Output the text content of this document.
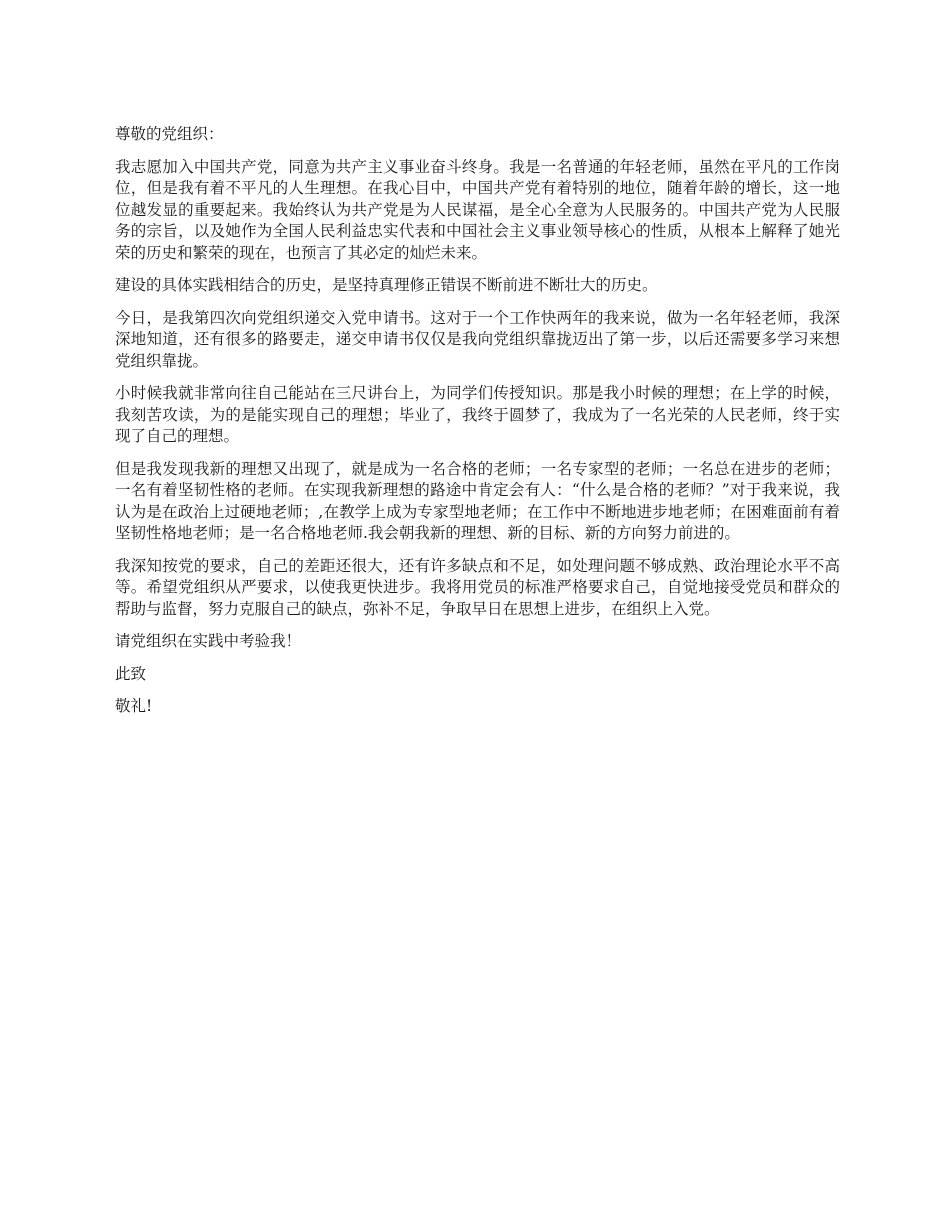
尊敬的党组织：

我志愿加入中国共产党，同意为共产主义事业奋斗终身。我是一名普通的年轻老师，虽然在平凡的工作岗位，但是我有着不平凡的人生理想。在我心目中，中国共产党有着特别的地位，随着年龄的增长，这一地位越发显的重要起来。我始终认为共产党是为人民谋福，是全心全意为人民服务的。中国共产党为人民服务的宗旨，以及她作为全国人民利益忠实代表和中国社会主义事业领导核心的性质，从根本上解释了她光荣的历史和繁荣的现在，也预言了其必定的灿烂未来。

建设的具体实践相结合的历史，是坚持真理修正错误不断前进不断壮大的历史。

今日，是我第四次向党组织递交入党申请书。这对于一个工作快两年的我来说，做为一名年轻老师，我深深地知道，还有很多的路要走，递交申请书仅仅是我向党组织靠拢迈出了第一步，以后还需要多学习来想党组织靠拢。

小时候我就非常向往自己能站在三尺讲台上，为同学们传授知识。那是我小时候的理想；在上学的时候，我刻苦攻读，为的是能实现自己的理想；毕业了，我终于圆梦了，我成为了一名光荣的人民老师，终于实现了自己的理想。

但是我发现我新的理想又出现了，就是成为一名合格的老师；一名专家型的老师；一名总在进步的老师；一名有着坚韧性格的老师。在实现我新理想的路途中肯定会有人：“什么是合格的老师？”对于我来说，我认为是在政治上过硬地老师；,在教学上成为专家型地老师；在工作中不断地进步地老师；在困难面前有着坚韧性格地老师；是一名合格地老师.我会朝我新的理想、新的目标、新的方向努力前进的。

我深知按党的要求，自己的差距还很大，还有许多缺点和不足，如处理问题不够成熟、政治理论水平不高等。希望党组织从严要求，以使我更快进步。我将用党员的标准严格要求自己，自觉地接受党员和群众的帮助与监督，努力克服自己的缺点，弥补不足，争取早日在思想上进步，在组织上入党。

请党组织在实践中考验我！

此致

敬礼!
